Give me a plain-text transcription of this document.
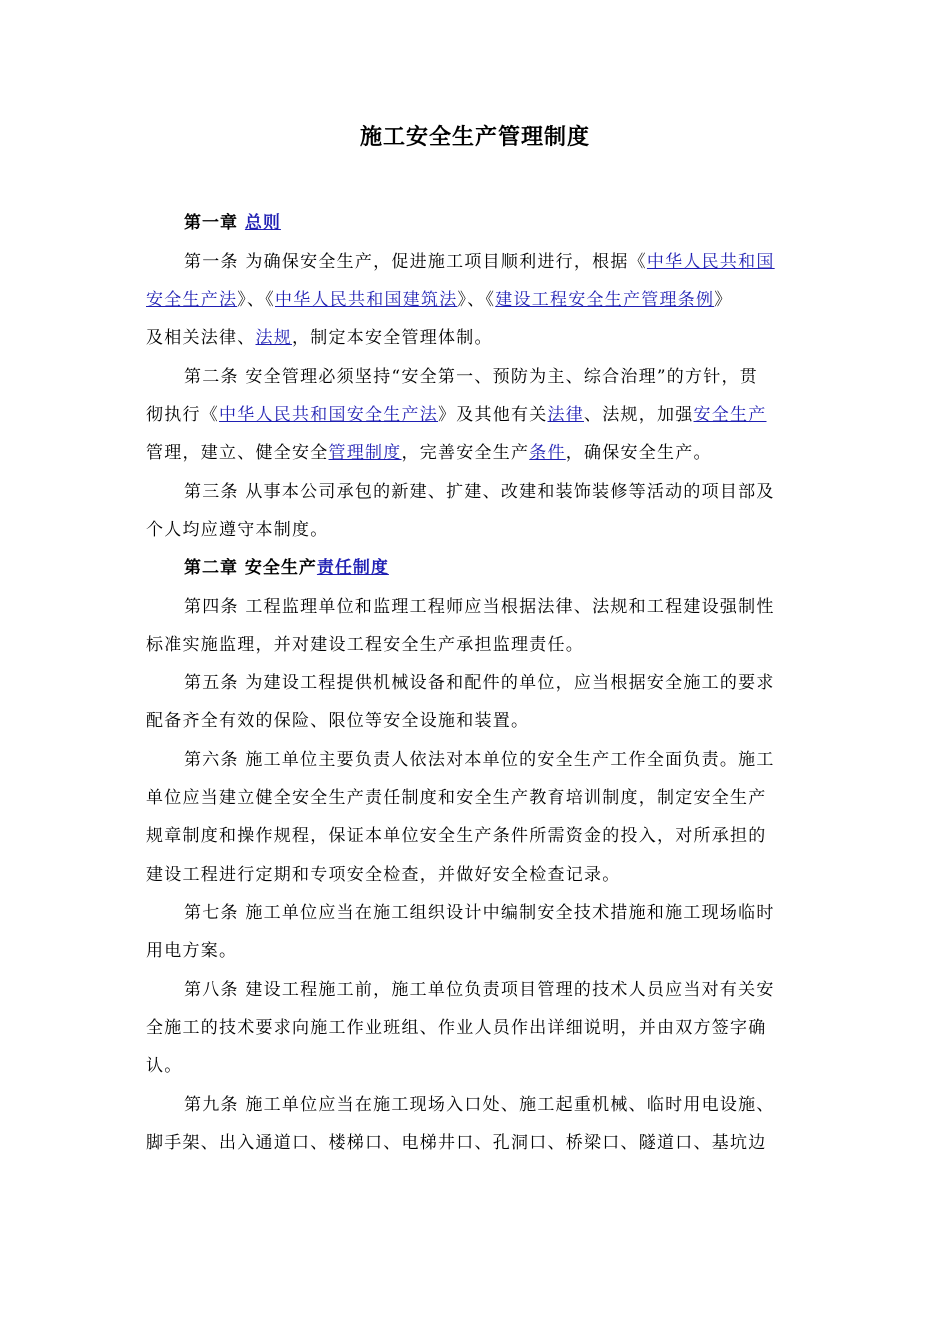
施工安全生产管理制度
第一章 总则
第一条 为确保安全生产，促进施工项目顺利进行，根据《中华人民共和国
安全生产法》、《中华人民共和国建筑法》、《建设工程安全生产管理条例》
及相关法律、法规，制定本安全管理体制。
第二条 安全管理必须坚持“安全第一、预防为主、综合治理”的方针，贯
彻执行《中华人民共和国安全生产法》及其他有关法律、法规，加强安全生产
管理，建立、健全安全管理制度，完善安全生产条件，确保安全生产。
第三条 从事本公司承包的新建、扩建、改建和装饰装修等活动的项目部及
个人均应遵守本制度。
第二章 安全生产责任制度
第四条 工程监理单位和监理工程师应当根据法律、法规和工程建设强制性
标准实施监理，并对建设工程安全生产承担监理责任。
第五条 为建设工程提供机械设备和配件的单位，应当根据安全施工的要求
配备齐全有效的保险、限位等安全设施和装置。
第六条 施工单位主要负责人依法对本单位的安全生产工作全面负责。施工
单位应当建立健全安全生产责任制度和安全生产教育培训制度，制定安全生产
规章制度和操作规程，保证本单位安全生产条件所需资金的投入，对所承担的
建设工程进行定期和专项安全检查，并做好安全检查记录。
第七条 施工单位应当在施工组织设计中编制安全技术措施和施工现场临时
用电方案。
第八条 建设工程施工前，施工单位负责项目管理的技术人员应当对有关安
全施工的技术要求向施工作业班组、作业人员作出详细说明，并由双方签字确
认。
第九条 施工单位应当在施工现场入口处、施工起重机械、临时用电设施、
脚手架、出入通道口、楼梯口、电梯井口、孔洞口、桥梁口、隧道口、基坑边
